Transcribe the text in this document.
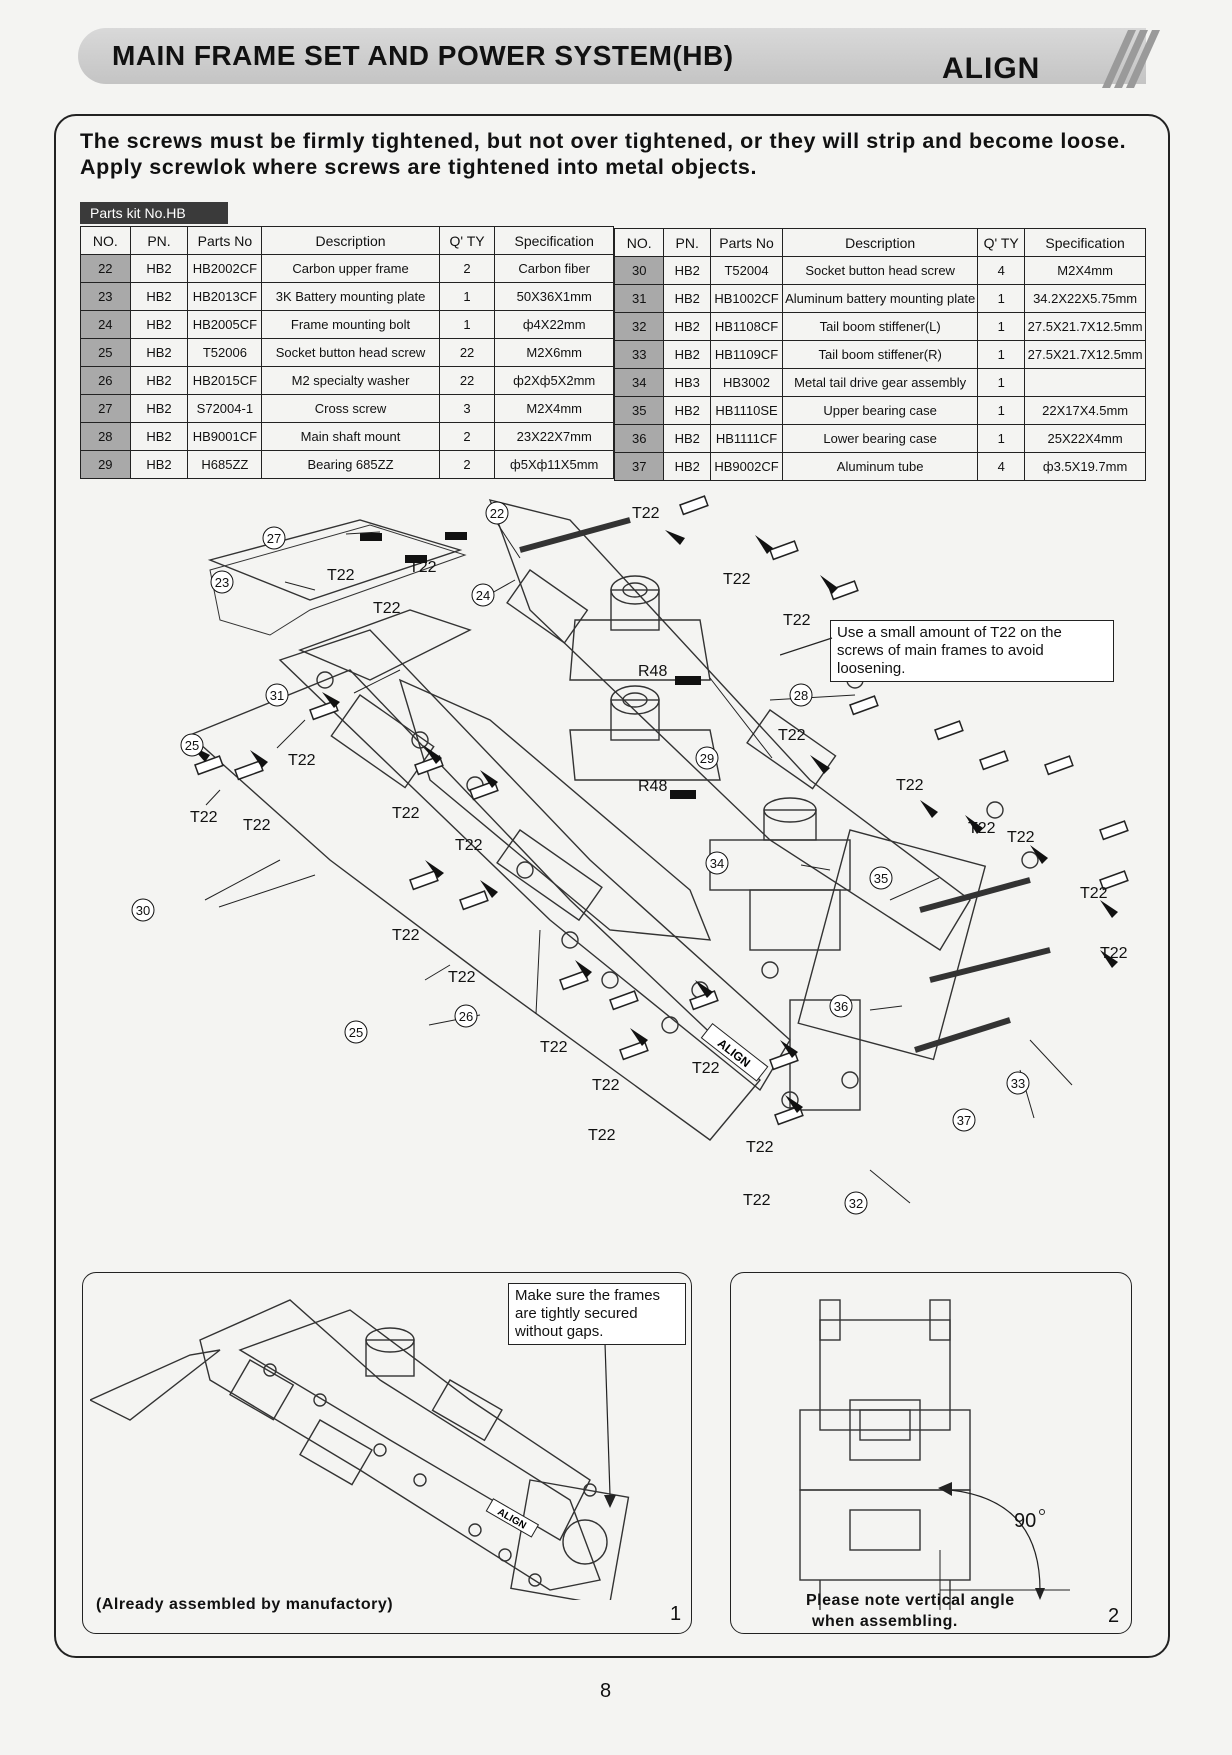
MAIN FRAME SET AND POWER SYSTEM(HB)	ALIGN
The screws must be firmly tightened, but not over tightened, or they will strip and become loose. Apply screwlok where screws are tightened into metal objects.
Parts kit No.HB
NO.	PN.	Parts No	Description	Q' TY	Specification
22	HB2	HB2002CF	Carbon upper frame	2	Carbon fiber
23	HB2	HB2013CF	3K Battery mounting plate	1	50X36X1mm
24	HB2	HB2005CF	Frame mounting bolt	1	ф4X22mm
25	HB2	T52006	Socket button head screw	22	M2X6mm
26	HB2	HB2015CF	M2 specialty washer	22	ф2Xф5X2mm
27	HB2	S72004-1	Cross screw	3	M2X4mm
28	HB2	HB9001CF	Main shaft mount	2	23X22X7mm
29	HB2	H685ZZ	Bearing 685ZZ	2	ф5Xф11X5mm
NO.	PN.	Parts No	Description	Q' TY	Specification
30	HB2	T52004	Socket button head screw	4	M2X4mm
31	HB2	HB1002CF	Aluminum battery mounting plate	1	34.2X22X5.75mm
32	HB2	HB1108CF	Tail boom stiffener(L)	1	27.5X21.7X12.5mm
33	HB2	HB1109CF	Tail boom stiffener(R)	1	27.5X21.7X12.5mm
34	HB3	HB3002	Metal tail drive gear assembly	1	
35	HB2	HB1110SE	Upper bearing case	1	22X17X4.5mm
36	HB2	HB1111CF	Lower bearing case	1	25X22X4mm
37	HB2	HB9002CF	Aluminum tube	4	ф3.5X19.7mm
T22
T22	T22
T22
T22
T22
T22
T22 T22
T22
T22
T22
T22
T22
T22
T22
T22
T22
T22
T22
T22
T22
T22
T22
T22
R48
R48
22
23
24
25
25
26
27
28
29
30
31
32
33
34
35
36
37
ALIGN
Use a small amount of T22 on the screws of main frames to avoid loosening.
ALIGN
Make sure the frames are tightly secured without gaps.
(Already assembled by manufactory)	1
90
Please note vertical angle
when assembling.	2
8
